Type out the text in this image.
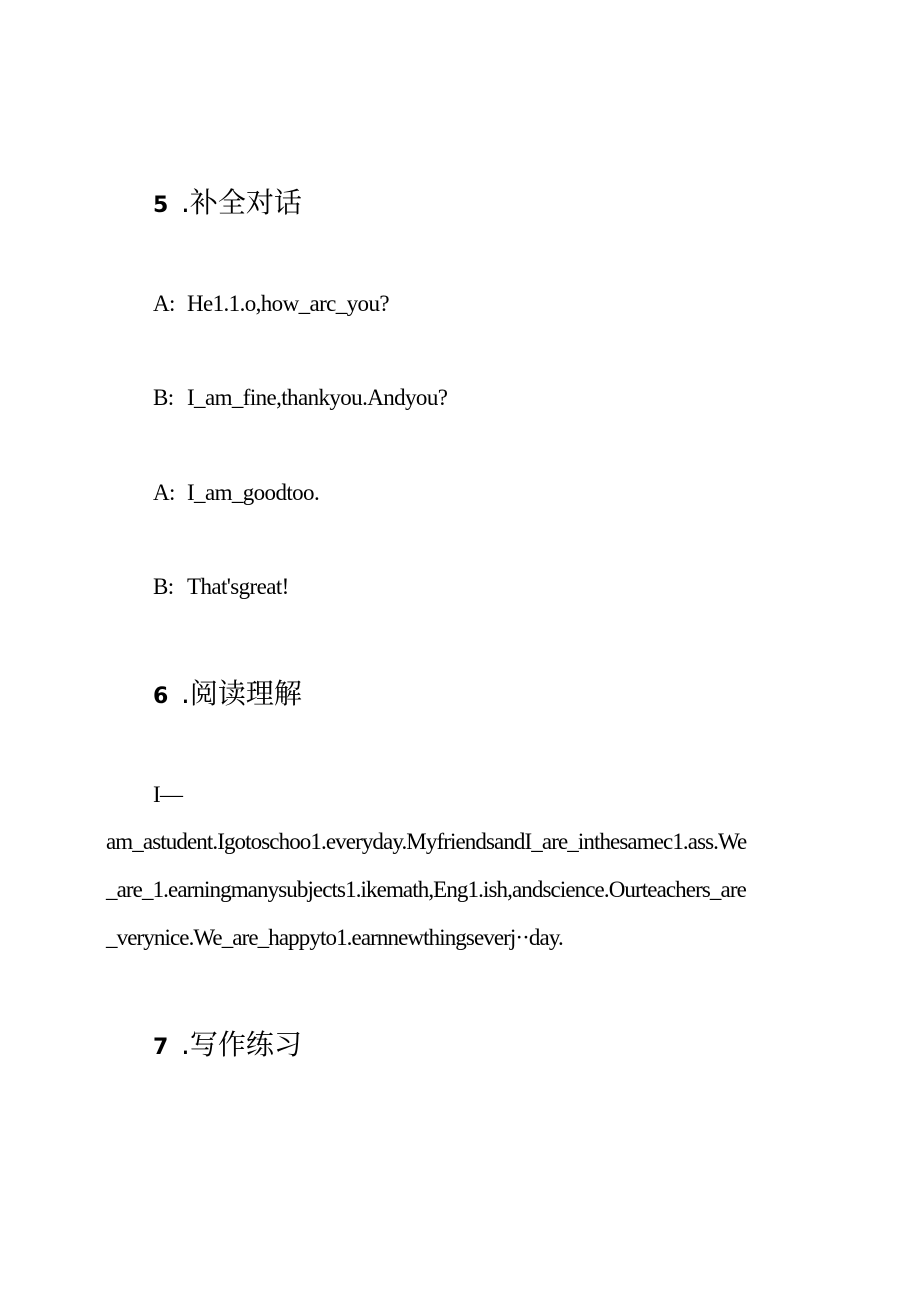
5 .补全对话
A: He1.1.o,how_arc_you?
B: I_am_fine,thankyou.Andyou?
A: I_am_goodtoo.
B: That'sgreat!
6 .阅读理解
I—
am_astudent.Igotoschoo1.everyday.MyfriendsandI_are_inthesamec1.ass.We
_are_1.earningmanysubjects1.ikemath,Eng1.ish,andscience.Ourteachers_are
_verynice.We_are_happyto1.earnnewthingseverj··day.
7 .写作练习
